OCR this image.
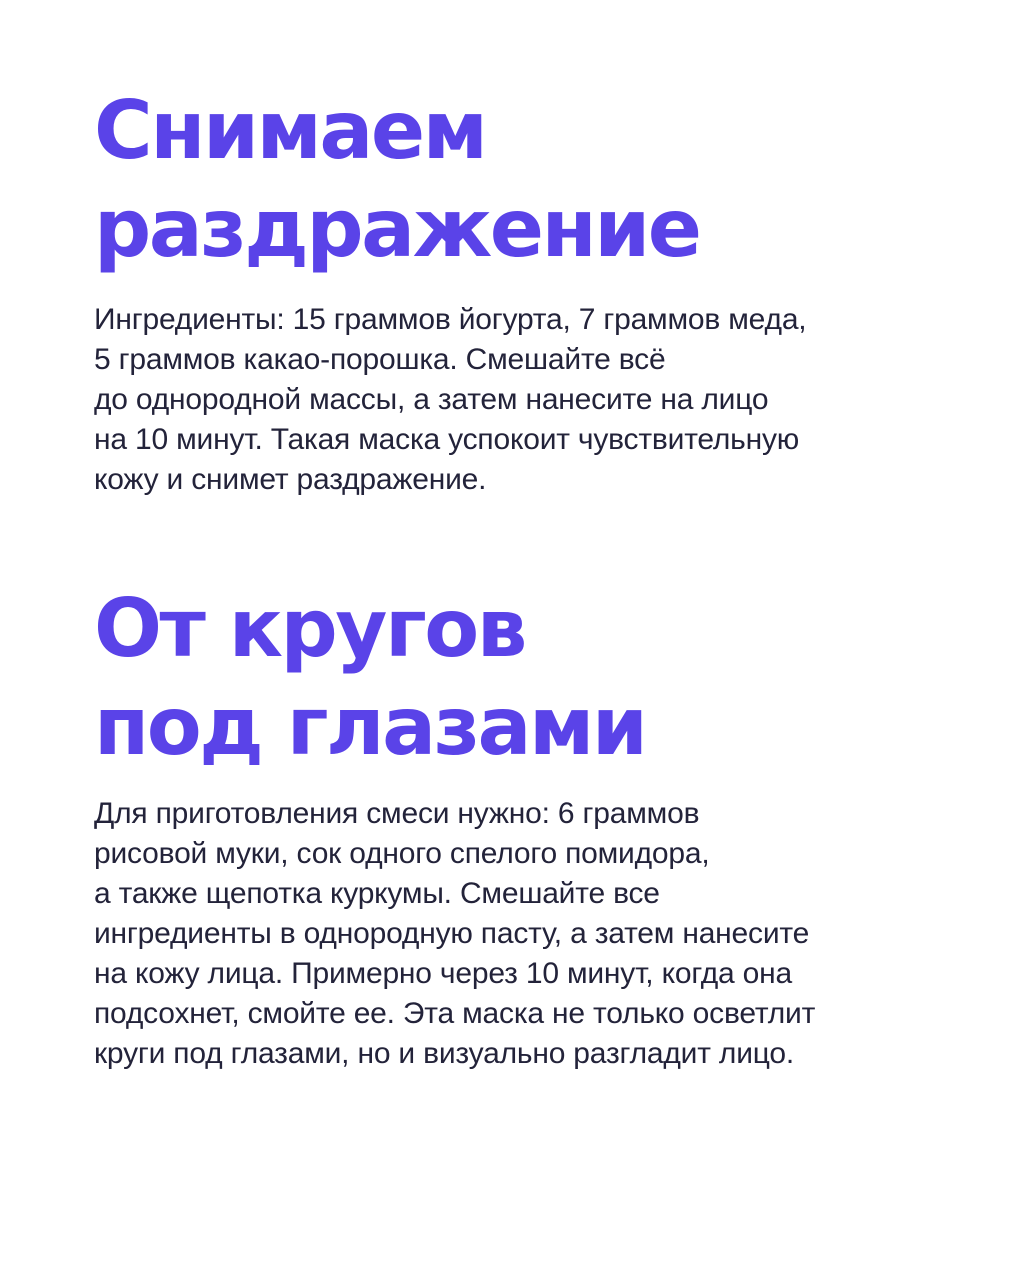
Снимаем
раздражение

Ингредиенты: 15 граммов йогурта, 7 граммов меда,
5 граммов какао-порошка. Смешайте всё
до однородной массы, а затем нанесите на лицо
на 10 минут. Такая маска успокоит чувствительную
кожу и снимет раздражение.

От кругов
под глазами

Для приготовления смеси нужно: 6 граммов
рисовой муки, сок одного спелого помидора,
а также щепотка куркумы. Смешайте все
ингредиенты в однородную пасту, а затем нанесите
на кожу лица. Примерно через 10 минут, когда она
подсохнет, смойте ее. Эта маска не только осветлит
круги под глазами, но и визуально разгладит лицо.
